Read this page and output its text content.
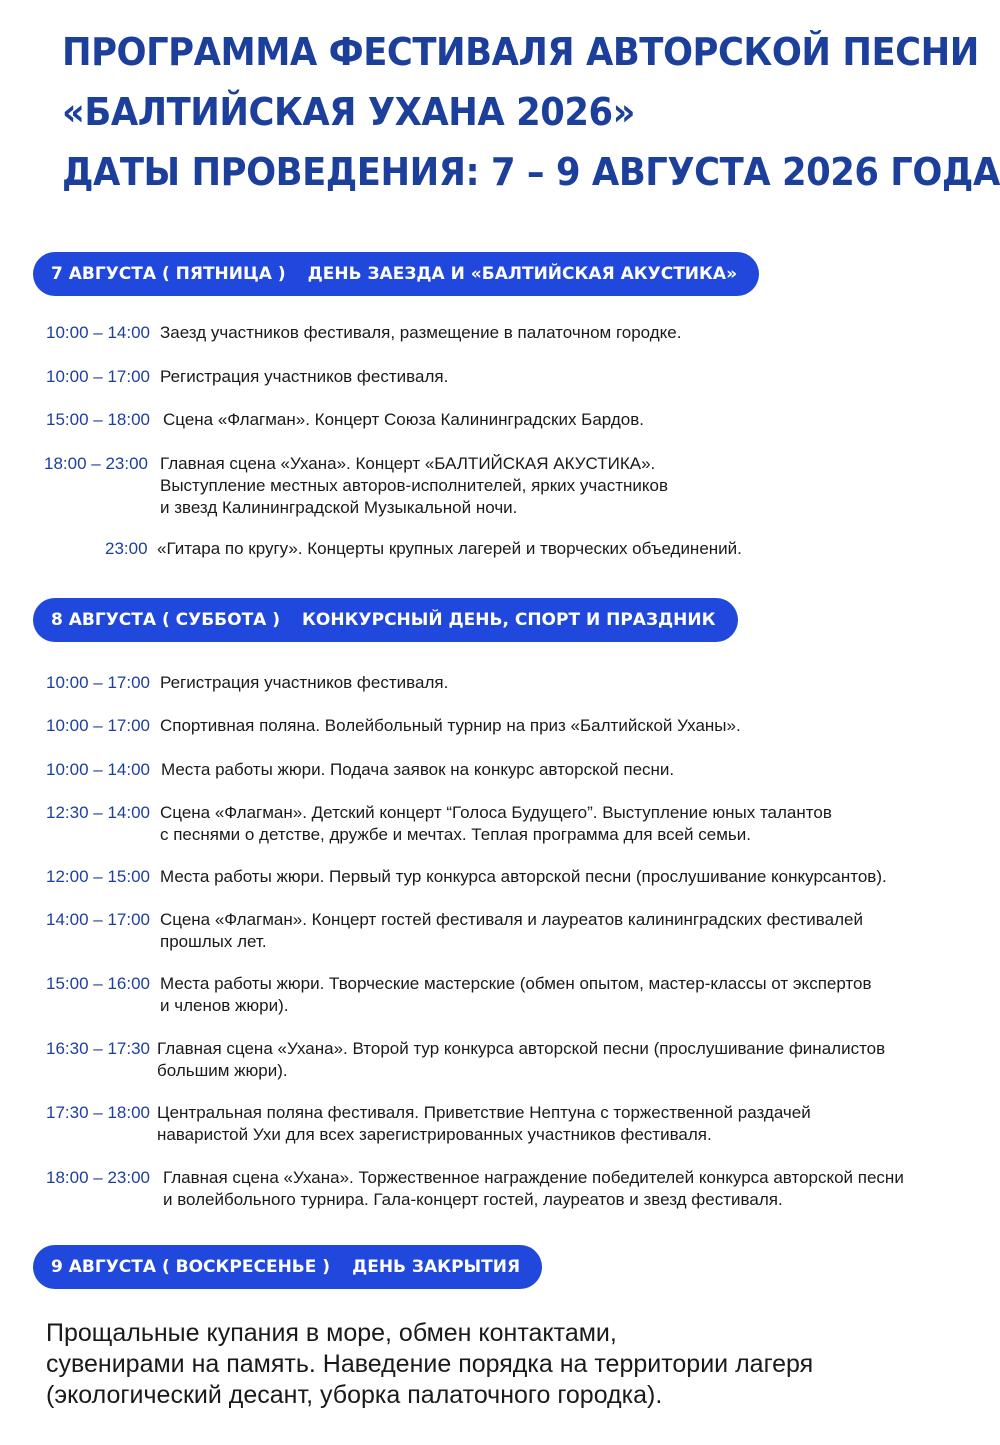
ПРОГРАММА ФЕСТИВАЛЯ АВТОРСКОЙ ПЕСНИ
«БАЛТИЙСКАЯ УХАНА 2026»
ДАТЫ ПРОВЕДЕНИЯ: 7 – 9 АВГУСТА 2026 ГОДА
7 АВГУСТА ( ПЯТНИЦА ) ДЕНЬ ЗАЕЗДА И «БАЛТИЙСКАЯ АКУСТИКА»
10:00 – 14:00 Заезд участников фестиваля, размещение в палаточном городке.
10:00 – 17:00 Регистрация участников фестиваля.
15:00 – 18:00 Сцена «Флагман». Концерт Союза Калининградских Бардов.
18:00 – 23:00 Главная сцена «Ухана». Концерт «БАЛТИЙСКАЯ АКУСТИКА».
Выступление местных авторов-исполнителей, ярких участников
и звезд Калининградской Музыкальной ночи.
23:00 «Гитара по кругу». Концерты крупных лагерей и творческих объединений.
8 АВГУСТА ( СУББОТА ) КОНКУРСНЫЙ ДЕНЬ, СПОРТ И ПРАЗДНИК
10:00 – 17:00 Регистрация участников фестиваля.
10:00 – 17:00 Спортивная поляна. Волейбольный турнир на приз «Балтийской Уханы».
10:00 – 14:00 Места работы жюри. Подача заявок на конкурс авторской песни.
12:30 – 14:00 Сцена «Флагман». Детский концерт “Голоса Будущего”. Выступление юных талантов
с песнями о детстве, дружбе и мечтах. Теплая программа для всей семьи.
12:00 – 15:00 Места работы жюри. Первый тур конкурса авторской песни (прослушивание конкурсантов).
14:00 – 17:00 Сцена «Флагман». Концерт гостей фестиваля и лауреатов калининградских фестивалей
прошлых лет.
15:00 – 16:00 Места работы жюри. Творческие мастерские (обмен опытом, мастер-классы от экспертов
и членов жюри).
16:30 – 17:30 Главная сцена «Ухана». Второй тур конкурса авторской песни (прослушивание финалистов
большим жюри).
17:30 – 18:00 Центральная поляна фестиваля. Приветствие Нептуна с торжественной раздачей
наваристой Ухи для всех зарегистрированных участников фестиваля.
18:00 – 23:00 Главная сцена «Ухана». Торжественное награждение победителей конкурса авторской песни
и волейбольного турнира. Гала-концерт гостей, лауреатов и звезд фестиваля.
9 АВГУСТА ( ВОСКРЕСЕНЬЕ ) ДЕНЬ ЗАКРЫТИЯ
Прощальные купания в море, обмен контактами,
сувенирами на память. Наведение порядка на территории лагеря
(экологический десант, уборка палаточного городка).
